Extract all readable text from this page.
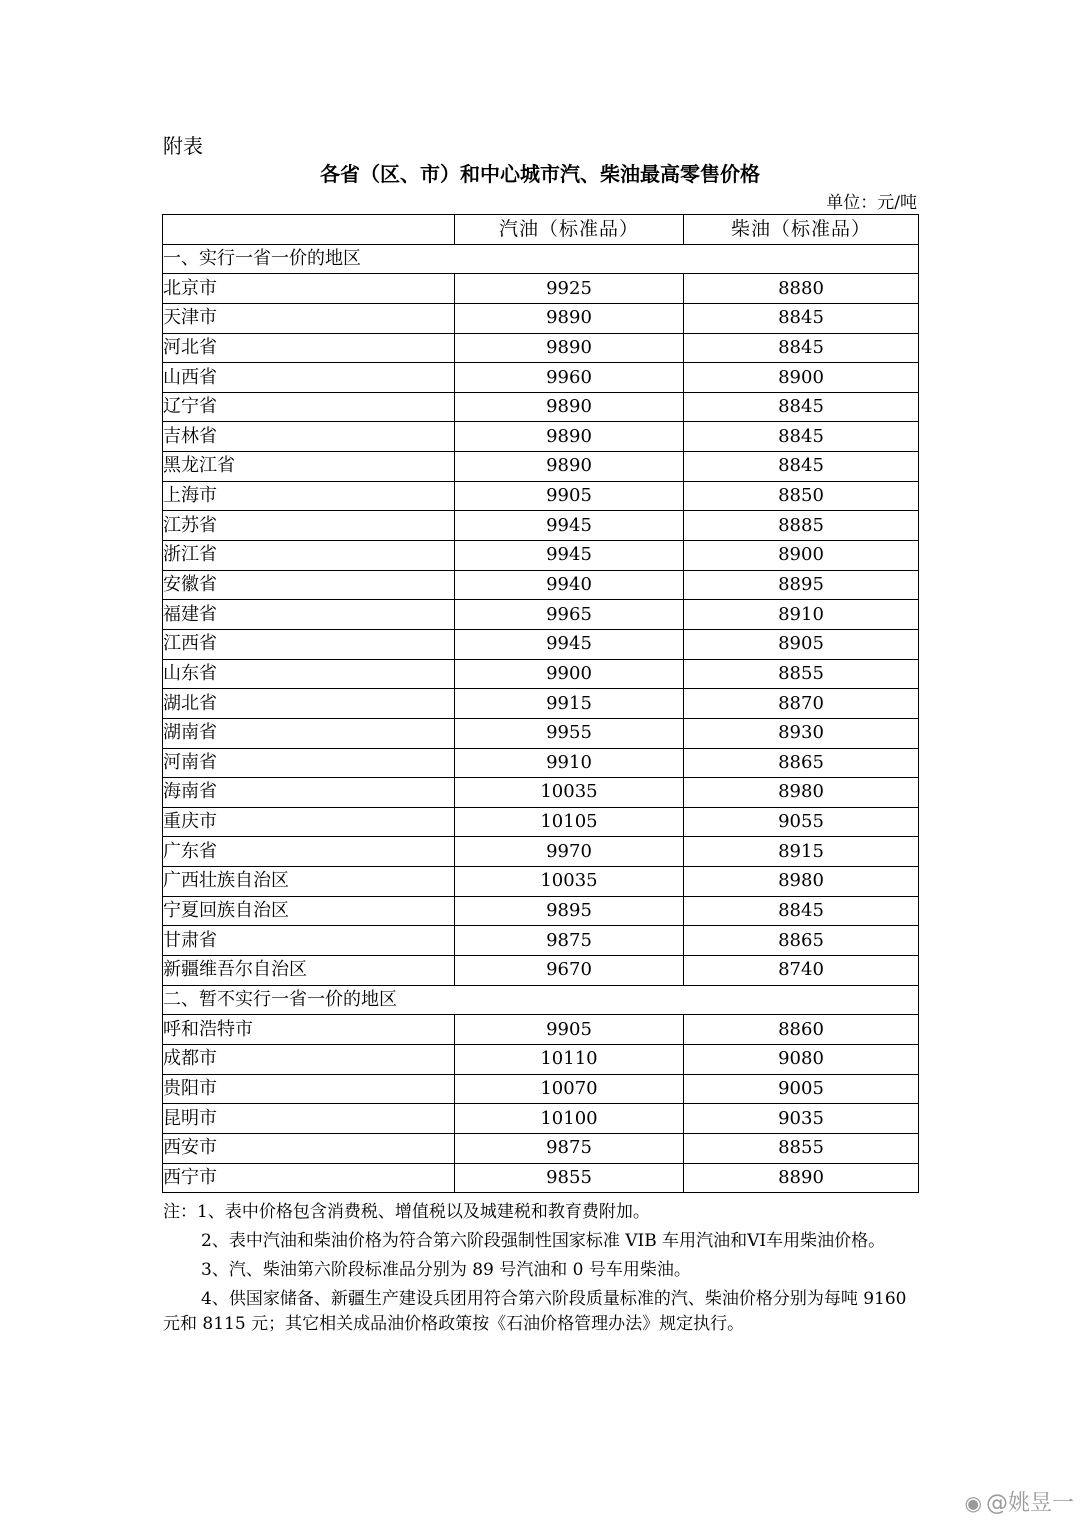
附表
各省（区、市）和中心城市汽、柴油最高零售价格
单位：元/吨
	汽油（标准品）	柴油（标准品）
一、实行一省一价的地区		
北京市	9925	8880
天津市	9890	8845
河北省	9890	8845
山西省	9960	8900
辽宁省	9890	8845
吉林省	9890	8845
黑龙江省	9890	8845
上海市	9905	8850
江苏省	9945	8885
浙江省	9945	8900
安徽省	9940	8895
福建省	9965	8910
江西省	9945	8905
山东省	9900	8855
湖北省	9915	8870
湖南省	9955	8930
河南省	9910	8865
海南省	10035	8980
重庆市	10105	9055
广东省	9970	8915
广西壮族自治区	10035	8980
宁夏回族自治区	9895	8845
甘肃省	9875	8865
新疆维吾尔自治区	9670	8740
二、暂不实行一省一价的地区		
呼和浩特市	9905	8860
成都市	10110	9080
贵阳市	10070	9005
昆明市	10100	9035
西安市	9875	8855
西宁市	9855	8890

注：1、表中价格包含消费税、增值税以及城建税和教育费附加。

2、表中汽油和柴油价格为符合第六阶段强制性国家标准 VIB 车用汽油和VI车用柴油价格。

3、汽、柴油第六阶段标准品分别为 89 号汽油和 0 号车用柴油。

4、供国家储备、新疆生产建设兵团用符合第六阶段质量标准的汽、柴油价格分别为每吨 9160 元和 8115 元；其它相关成品油价格政策按《石油价格管理办法》规定执行。

◉ @姚昱一
